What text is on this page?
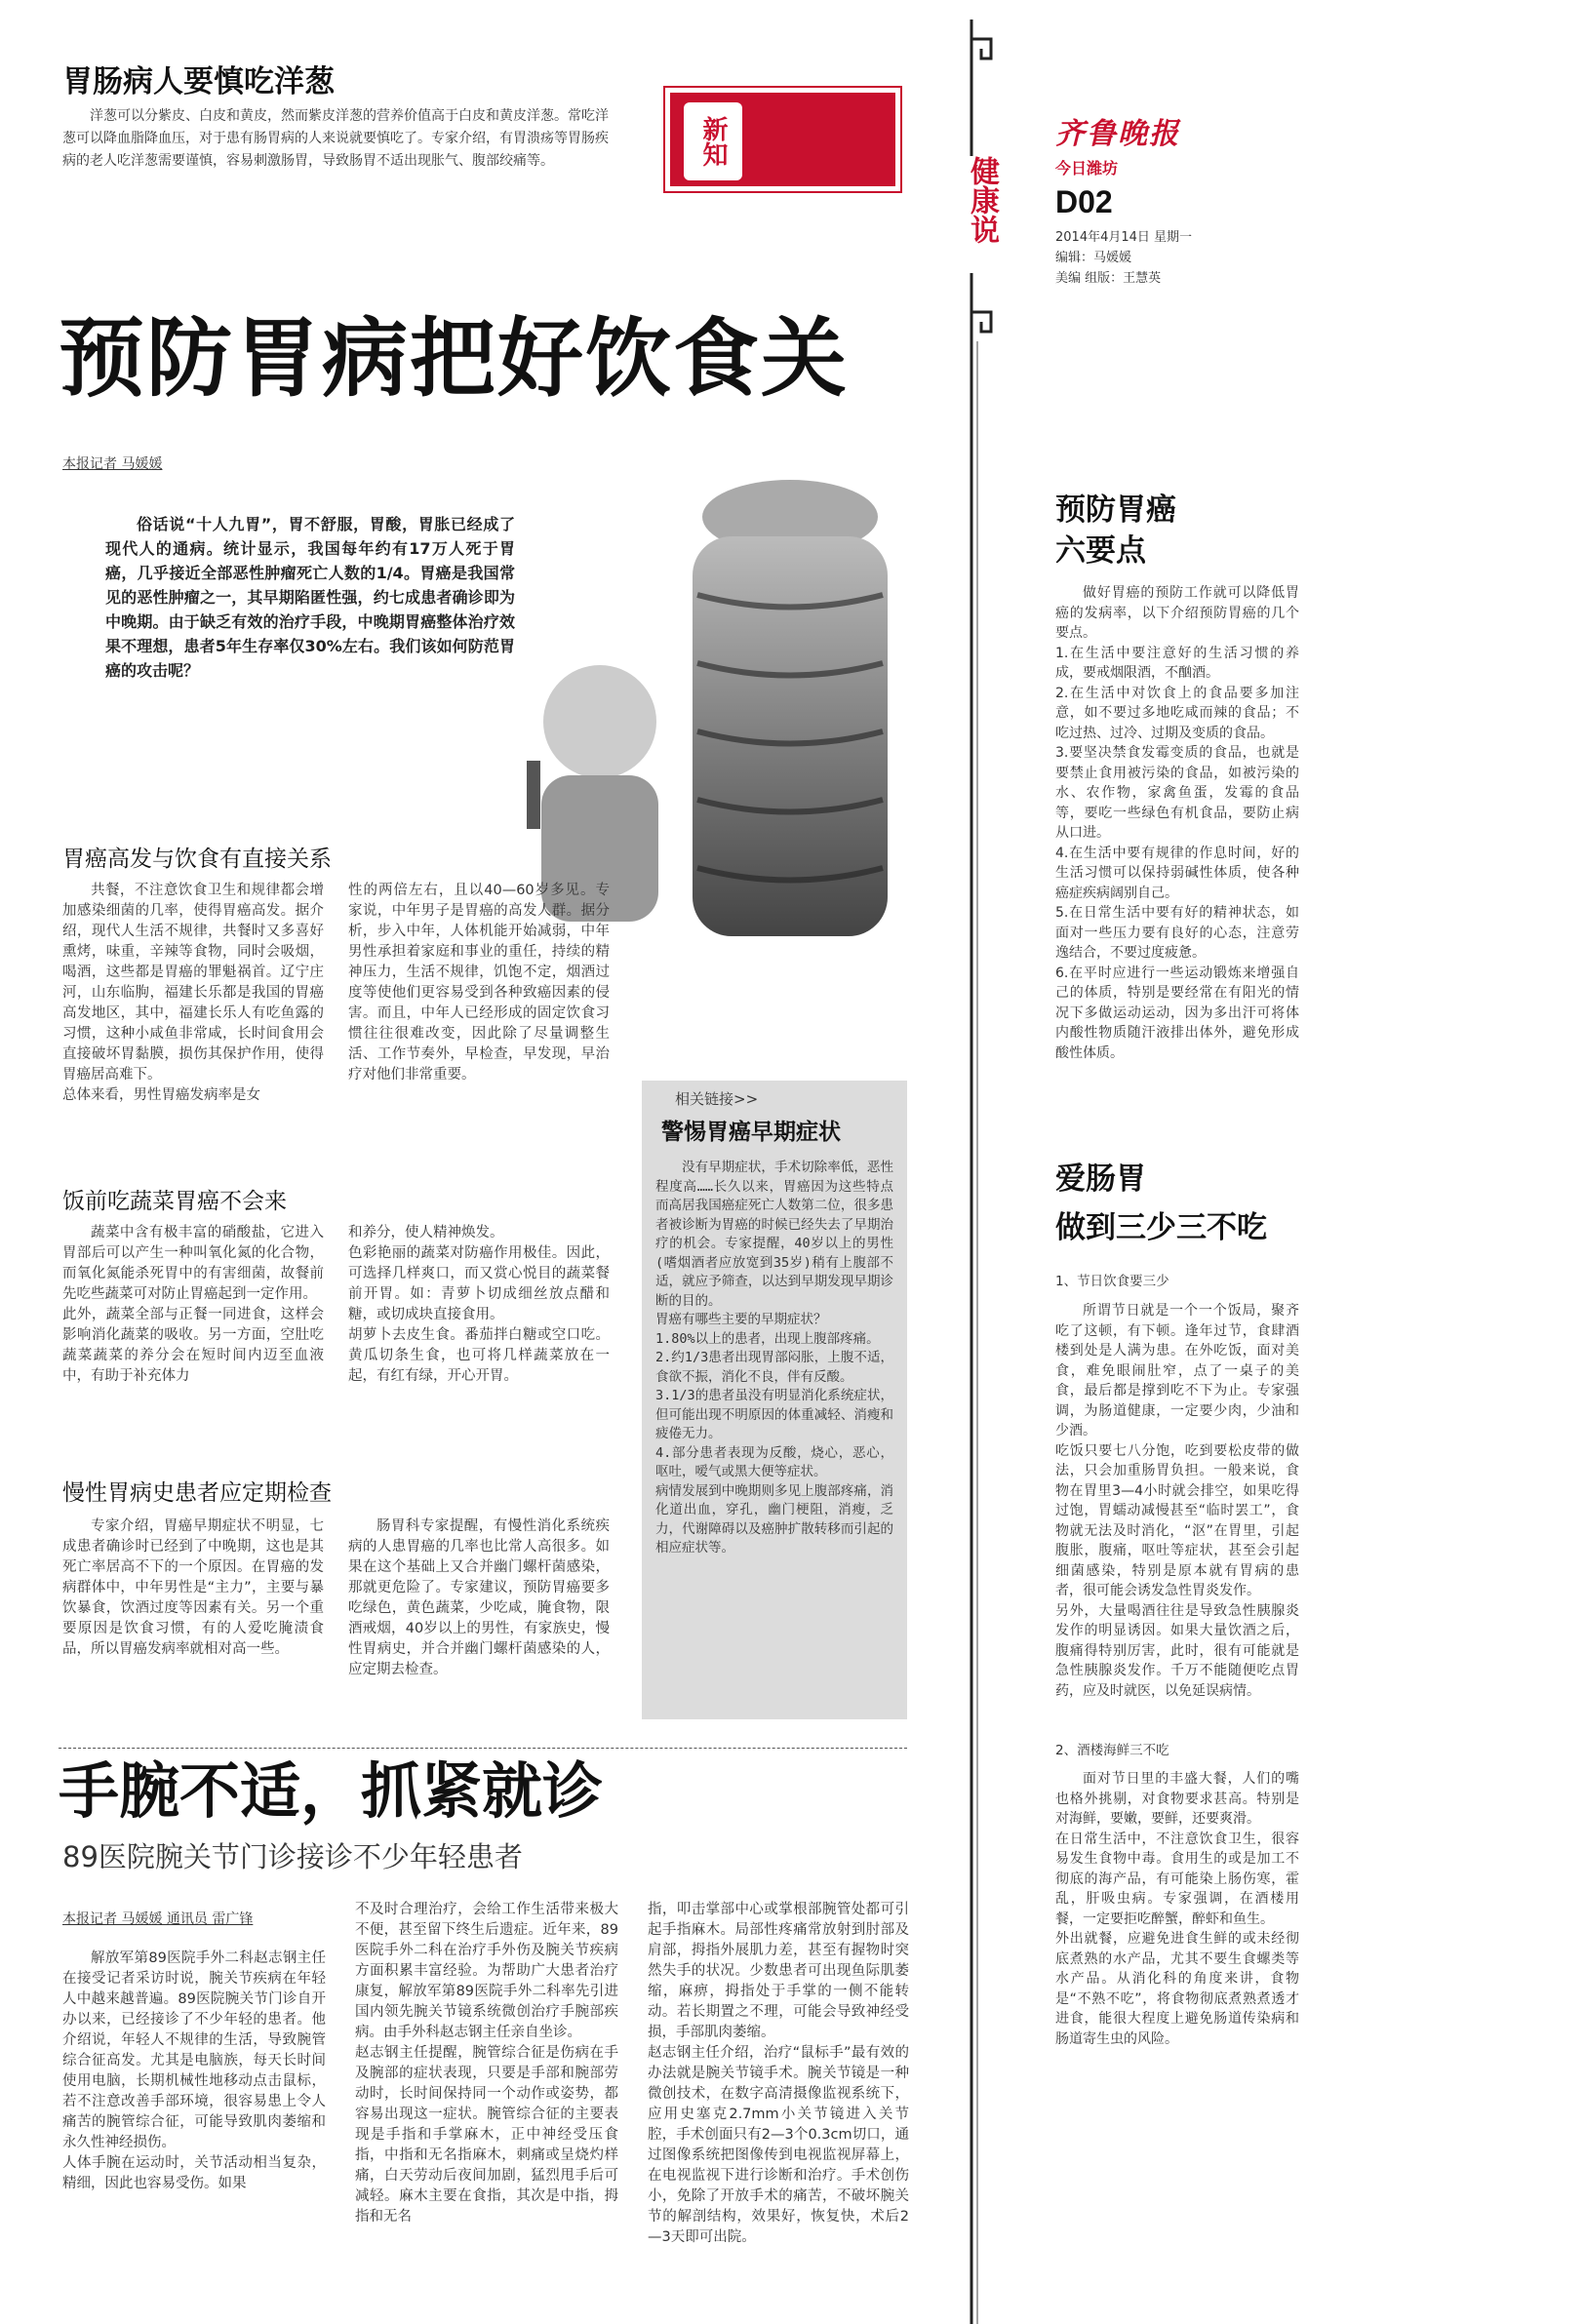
健康说
齐鲁晚报
今日潍坊
D02
2014年4月14日 星期一
编辑：马媛媛
美编 组版：王慧英
胃肠病人要慎吃洋葱
洋葱可以分紫皮、白皮和黄皮，然而紫皮洋葱的营养价值高于白皮和黄皮洋葱。常吃洋葱可以降血脂降血压，对于患有肠胃病的人来说就要慎吃了。专家介绍，有胃溃疡等胃肠疾病的老人吃洋葱需要谨慎，容易刺激肠胃，导致肠胃不适出现胀气、腹部绞痛等。	新知
预防胃病把好饮食关
本报记者 马媛媛
俗话说“十人九胃”，胃不舒服，胃酸，胃胀已经成了现代人的通病。统计显示，我国每年约有17万人死于胃癌，几乎接近全部恶性肿瘤死亡人数的1/4。胃癌是我国常见的恶性肿瘤之一，其早期陷匿性强，约七成患者确诊即为中晚期。由于缺乏有效的治疗手段，中晚期胃癌整体治疗效果不理想，患者5年生存率仅30%左右。我们该如何防范胃癌的攻击呢？
胃癌高发与饮食有直接关系
共餐，不注意饮食卫生和规律都会增加感染细菌的几率，使得胃癌高发。据介绍，现代人生活不规律，共餐时又多喜好熏烤，味重，辛辣等食物，同时会吸烟，喝酒，这些都是胃癌的罪魁祸首。辽宁庄河，山东临朐，福建长乐都是我国的胃癌高发地区，其中，福建长乐人有吃鱼露的习惯，这种小咸鱼非常咸，长时间食用会直接破坏胃黏膜，损伤其保护作用，使得胃癌居高难下。
总体来看，男性胃癌发病率是女
性的两倍左右，且以40—60岁多见。专家说，中年男子是胃癌的高发人群。据分析，步入中年，人体机能开始减弱，中年男性承担着家庭和事业的重任，持续的精神压力，生活不规律，饥饱不定，烟酒过度等使他们更容易受到各种致癌因素的侵害。而且，中年人已经形成的固定饮食习惯往往很难改变，因此除了尽量调整生活、工作节奏外，早检查，早发现，早治疗对他们非常重要。
饭前吃蔬菜胃癌不会来
蔬菜中含有极丰富的硝酸盐，它进入胃部后可以产生一种叫氧化氮的化合物，而氧化氮能杀死胃中的有害细菌，故餐前先吃些蔬菜可对防止胃癌起到一定作用。
此外，蔬菜全部与正餐一同进食，这样会影响消化蔬菜的吸收。另一方面，空肚吃蔬菜蔬菜的养分会在短时间内迈至血液中，有助于补充体力
和养分，使人精神焕发。
色彩艳丽的蔬菜对防癌作用极佳。因此，可选择几样爽口，而又赏心悦目的蔬菜餐前开胃。如：青萝卜切成细丝放点醋和糖，或切成块直接食用。
胡萝卜去皮生食。番茄拌白糖或空口吃。黄瓜切条生食，也可将几样蔬菜放在一起，有红有绿，开心开胃。
慢性胃病史患者应定期检查
专家介绍，胃癌早期症状不明显，七成患者确诊时已经到了中晚期，这也是其死亡率居高不下的一个原因。在胃癌的发病群体中，中年男性是“主力”，主要与暴饮暴食，饮酒过度等因素有关。另一个重要原因是饮食习惯，有的人爱吃腌渍食品，所以胃癌发病率就相对高一些。
肠胃科专家提醒，有慢性消化系统疾病的人患胃癌的几率也比常人高很多。如果在这个基础上又合并幽门螺杆菌感染，那就更危险了。专家建议，预防胃癌要多吃绿色，黄色蔬菜，少吃咸，腌食物，限酒戒烟，40岁以上的男性，有家族史，慢性胃病史，并合并幽门螺杆菌感染的人，应定期去检查。
相关链接>>
警惕胃癌早期症状
没有早期症状，手术切除率低，恶性程度高……长久以来，胃癌因为这些特点而高居我国癌症死亡人数第二位，很多患者被诊断为胃癌的时候已经失去了早期治疗的机会。专家提醒，40岁以上的男性(嗜烟酒者应放宽到35岁)稍有上腹部不适，就应予筛查，以达到早期发现早期诊断的目的。
胃癌有哪些主要的早期症状？
1.80%以上的患者，出现上腹部疼痛。
2.约1/3患者出现胃部闷胀，上腹不适，食欲不振，消化不良，伴有反酸。
3.1/3的患者虽没有明显消化系统症状，但可能出现不明原因的体重减轻、消瘦和疲倦无力。
4.部分患者表现为反酸，烧心，恶心，呕吐，嗳气或黑大便等症状。
病情发展到中晚期则多见上腹部疼痛，消化道出血，穿孔，幽门梗阻，消瘦，乏力，代谢障碍以及癌肿扩散转移而引起的相应症状等。
手腕不适，抓紧就诊
89医院腕关节门诊接诊不少年轻患者
本报记者 马媛媛 通讯员 雷广锋
解放军第89医院手外二科赵志钢主任在接受记者采访时说，腕关节疾病在年轻人中越来越普遍。89医院腕关节门诊自开办以来，已经接诊了不少年轻的患者。他介绍说，年轻人不规律的生活，导致腕管综合征高发。尤其是电脑族，每天长时间使用电脑，长期机械性地移动点击鼠标，若不注意改善手部环境，很容易患上令人痛苦的腕管综合征，可能导致肌肉萎缩和永久性神经损伤。
人体手腕在运动时，关节活动相当复杂，精细，因此也容易受伤。如果
不及时合理治疗，会给工作生活带来极大不便，甚至留下终生后遗症。近年来，89医院手外二科在治疗手外伤及腕关节疾病方面积累丰富经验。为帮助广大患者治疗康复，解放军第89医院手外二科率先引进国内领先腕关节镜系统微创治疗手腕部疾病。由手外科赵志钢主任亲自坐诊。
赵志钢主任提醒，腕管综合征是伤病在手及腕部的症状表现，只要是手部和腕部劳动时，长时间保持同一个动作或姿势，都容易出现这一症状。腕管综合征的主要表现是手指和手掌麻木，正中神经受压食指，中指和无名指麻木，刺痛或呈烧灼样痛，白天劳动后夜间加剧，猛烈甩手后可减轻。麻木主要在食指，其次是中指，拇指和无名
指，叩击掌部中心或掌根部腕管处都可引起手指麻木。局部性疼痛常放射到肘部及肩部，拇指外展肌力差，甚至有握物时突然失手的状况。少数患者可出现鱼际肌萎缩，麻痹，拇指处于手掌的一侧不能转动。若长期置之不理，可能会导致神经受损，手部肌肉萎缩。
赵志钢主任介绍，治疗“鼠标手”最有效的办法就是腕关节镜手术。腕关节镜是一种微创技术，在数字高清摄像监视系统下，应用史塞克2.7mm小关节镜进入关节腔，手术创面只有2—3个0.3cm切口，通过图像系统把图像传到电视监视屏幕上，在电视监视下进行诊断和治疗。手术创伤小，免除了开放手术的痛苦，不破坏腕关节的解剖结构，效果好，恢复快，术后2—3天即可出院。
预防胃癌
六要点
做好胃癌的预防工作就可以降低胃癌的发病率，以下介绍预防胃癌的几个要点。
1.在生活中要注意好的生活习惯的养成，要戒烟限酒，不酗酒。
2.在生活中对饮食上的食品要多加注意，如不要过多地吃咸而辣的食品；不吃过热、过冷、过期及变质的食品。
3.要坚决禁食发霉变质的食品，也就是要禁止食用被污染的食品，如被污染的水、农作物，家禽鱼蛋，发霉的食品等，要吃一些绿色有机食品，要防止病从口进。
4.在生活中要有规律的作息时间，好的生活习惯可以保持弱碱性体质，使各种癌症疾病阔别自己。
5.在日常生活中要有好的精神状态，如面对一些压力要有良好的心态，注意劳逸结合，不要过度疲惫。
6.在平时应进行一些运动锻炼来增强自己的体质，特别是要经常在有阳光的情况下多做运动运动，因为多出汗可将体内酸性物质随汗液排出体外，避免形成酸性体质。
爱肠胃
做到三少三不吃
1、节日饮食要三少
所谓节日就是一个一个饭局，聚齐吃了这顿，有下顿。逢年过节，食肆酒楼到处是人满为患。在外吃饭，面对美食，难免眼闹肚窄，点了一桌子的美食，最后都是撑到吃不下为止。专家强调，为肠道健康，一定要少肉，少油和少酒。
吃饭只要七八分饱，吃到要松皮带的做法，只会加重肠胃负担。一般来说，食物在胃里3—4小时就会排空，如果吃得过饱，胃蠕动减慢甚至“临时罢工”，食物就无法及时消化，“沤”在胃里，引起腹胀，腹痛，呕吐等症状，甚至会引起细菌感染，特别是原本就有胃病的患者，很可能会诱发急性胃炎发作。
另外，大量喝酒往往是导致急性胰腺炎发作的明显诱因。如果大量饮酒之后，腹痛得特别厉害，此时，很有可能就是急性胰腺炎发作。千万不能随便吃点胃药，应及时就医，以免延误病情。
2、酒楼海鲜三不吃
面对节日里的丰盛大餐，人们的嘴也格外挑剔，对食物要求甚高。特别是对海鲜，要嫩，要鲜，还要爽滑。
在日常生活中，不注意饮食卫生，很容易发生食物中毒。食用生的或是加工不彻底的海产品，有可能染上肠伤寒，霍乱，肝吸虫病。专家强调，在酒楼用餐，一定要拒吃醉蟹，醉虾和鱼生。
外出就餐，应避免进食生鲜的或未经彻底煮熟的水产品，尤其不要生食螺类等水产品。从消化科的角度来讲，食物是“不熟不吃”，将食物彻底煮熟煮透才进食，能很大程度上避免肠道传染病和肠道寄生虫的风险。
